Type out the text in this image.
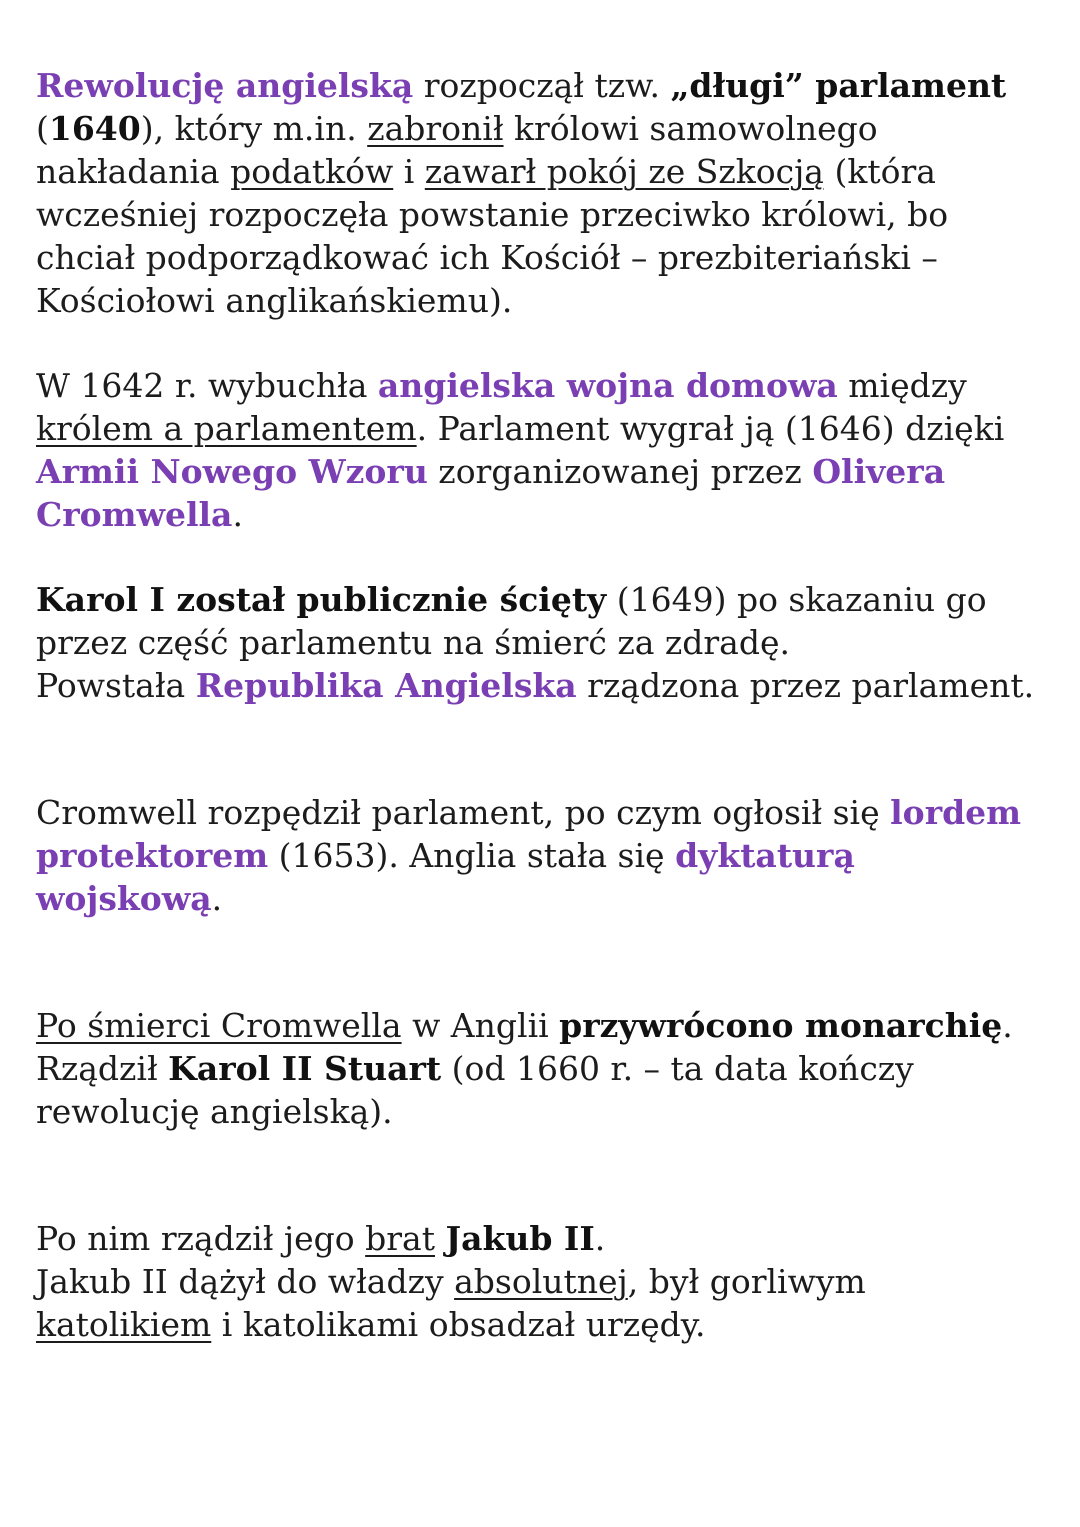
Rewolucję angielską rozpoczął tzw. „długi” parlament (1640), który m.in. zabronił królowi samowolnego nakładania podatków i zawarł pokój ze Szkocją (która wcześniej rozpoczęła powstanie przeciwko królowi, bo chciał podporządkować ich Kościół – prezbiteriański – Kościołowi anglikańskiemu).

W 1642 r. wybuchła angielska wojna domowa między królem a parlamentem. Parlament wygrał ją (1646) dzięki Armii Nowego Wzoru zorganizowanej przez Olivera Cromwella.

Karol I został publicznie ścięty (1649) po skazaniu go przez część parlamentu na śmierć za zdradę.
Powstała Republika Angielska rządzona przez parlament.

Cromwell rozpędził parlament, po czym ogłosił się lordem protektorem (1653). Anglia stała się dyktaturą wojskową.

Po śmierci Cromwella w Anglii przywrócono monarchię. Rządził Karol II Stuart (od 1660 r. – ta data kończy rewolucję angielską).

Po nim rządził jego brat Jakub II.
Jakub II dążył do władzy absolutnej, był gorliwym katolikiem i katolikami obsadzał urzędy.
